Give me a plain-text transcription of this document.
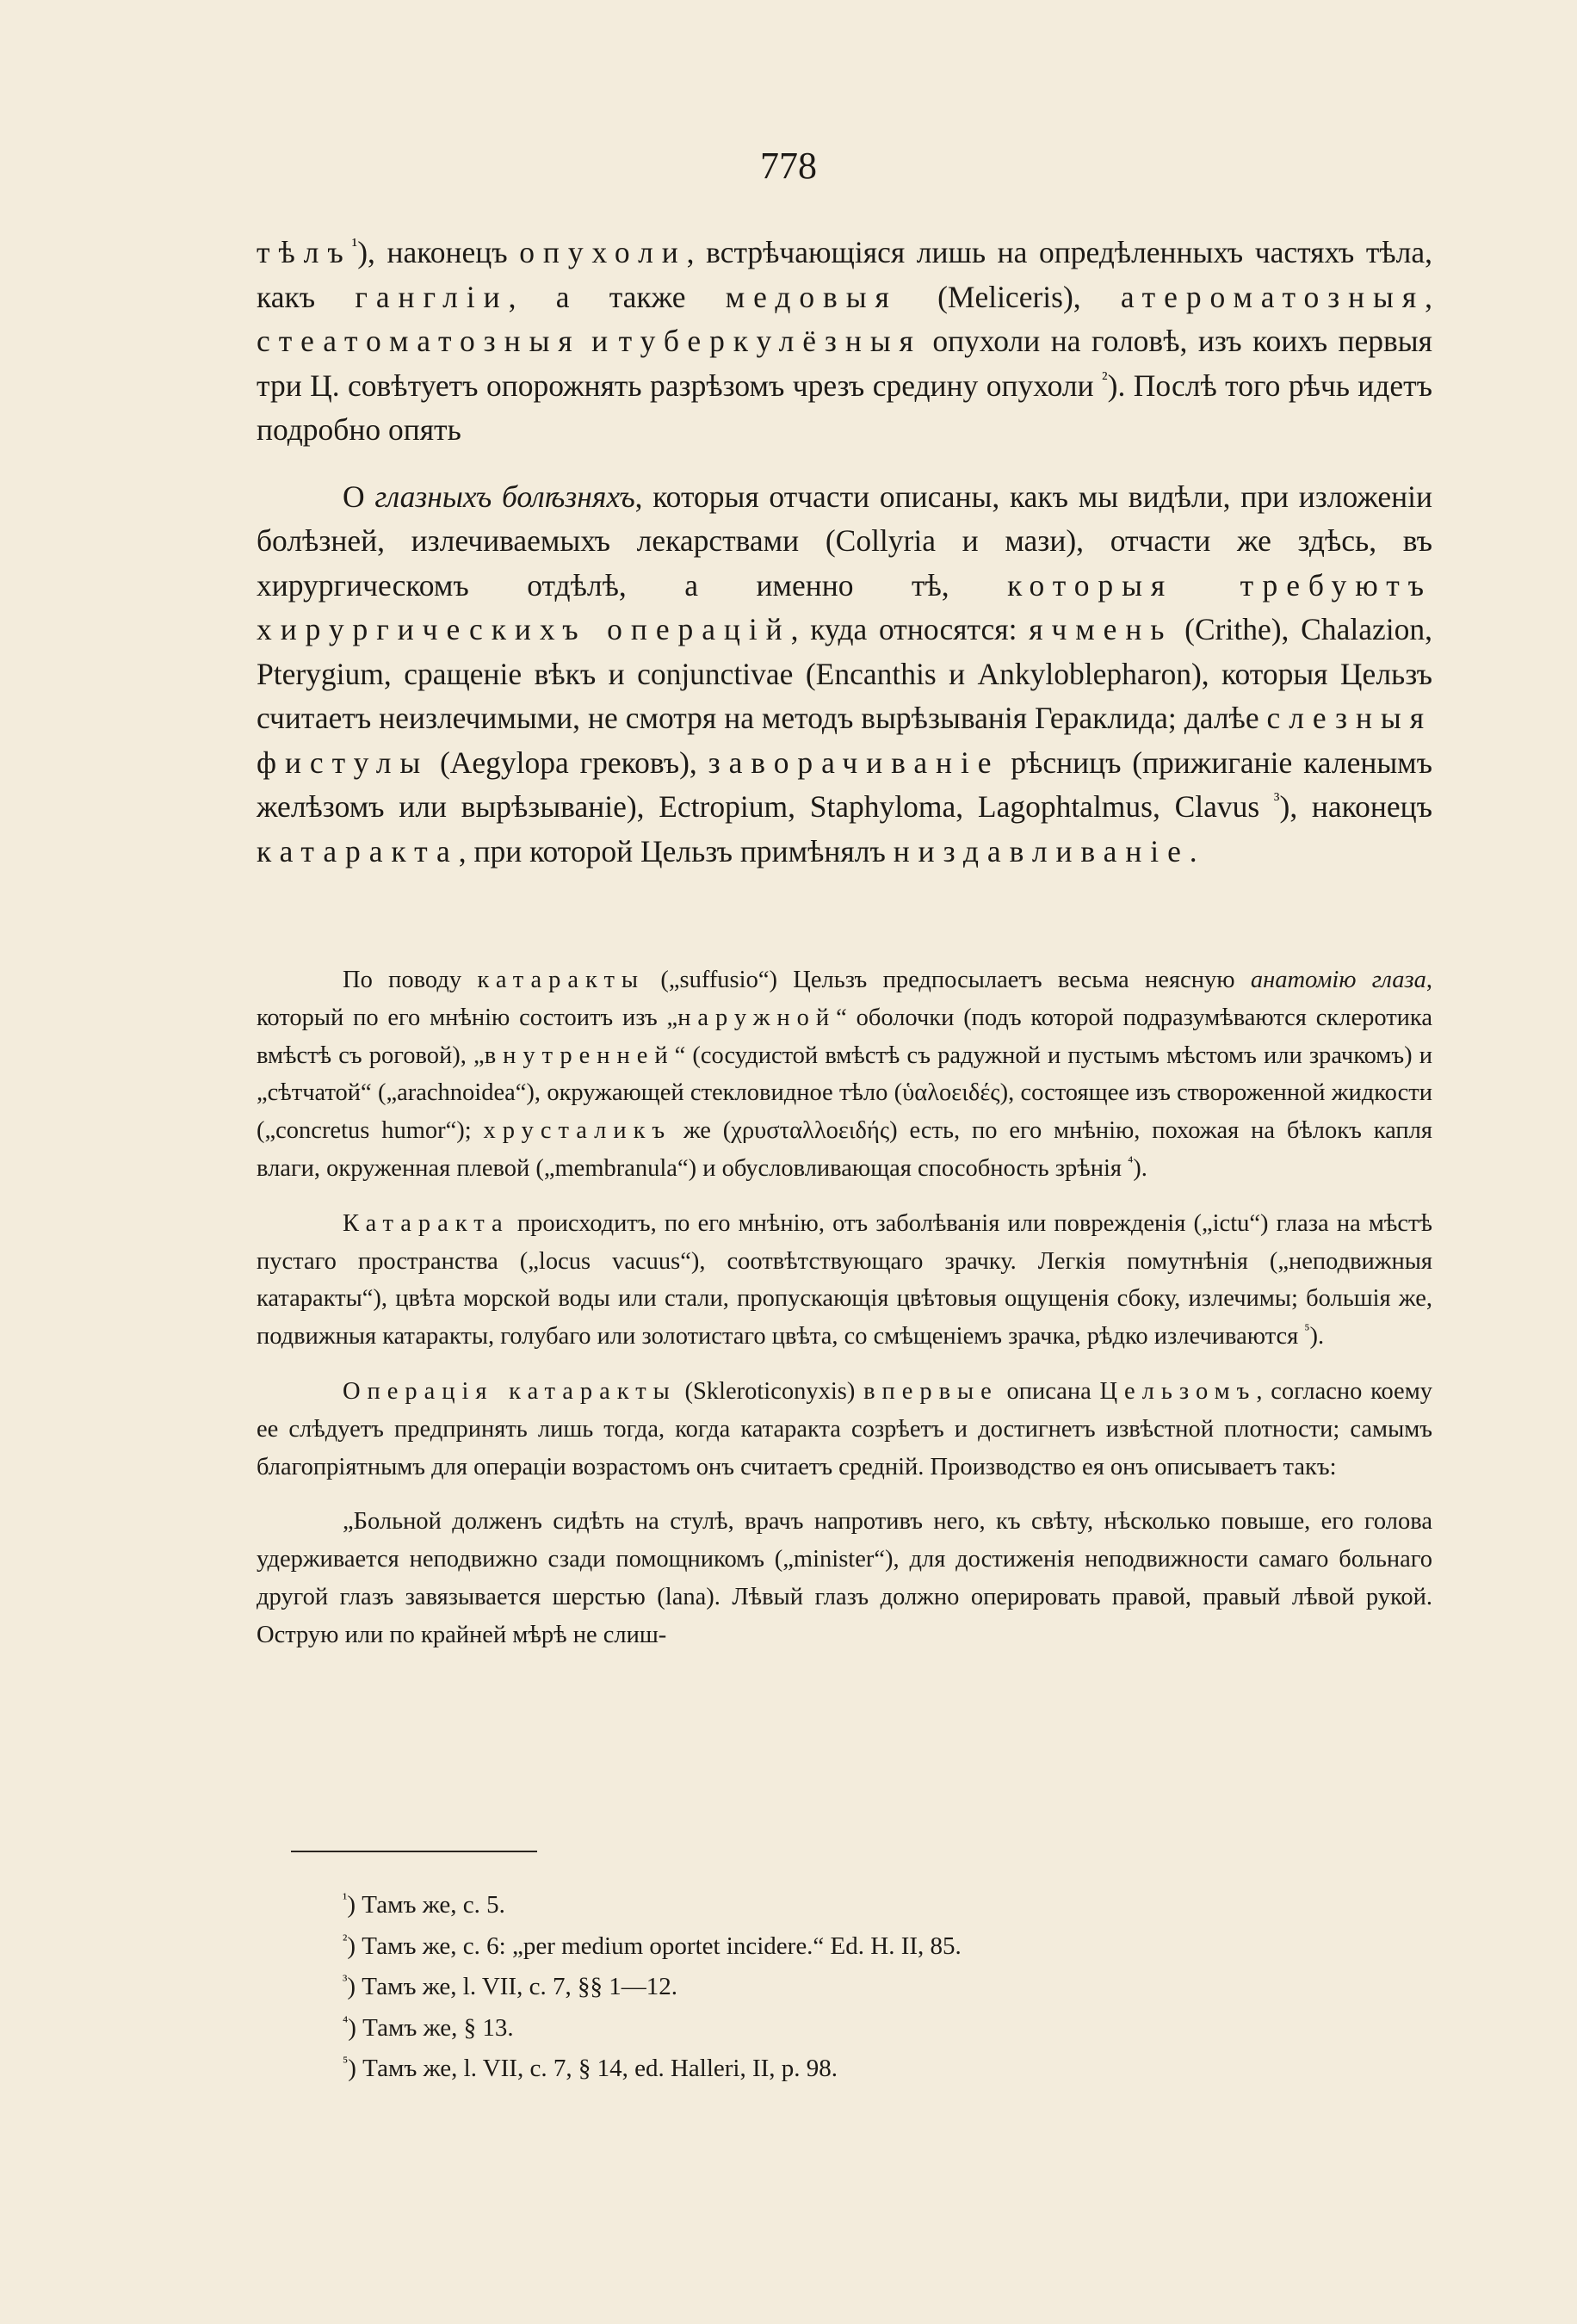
778

тѣлъ$^{^1}$), наконецъ опухоли, встрѣчающіяся лишь на опредѣленныхъ частяхъ тѣла, какъ гангліи, а также медовыя (Meliceris), атероматозныя, стеатоматозныя и туберкулёзныя опухоли на головѣ, изъ коихъ первыя три Ц. совѣтуетъ опорожнять разрѣзомъ чрезъ средину опухоли $^{^2}$). Послѣ того рѣчь идетъ подробно опять

О глазныхъ болѣзняхъ, которыя отчасти описаны, какъ мы видѣли, при изложеніи болѣзней, излечиваемыхъ лекарствами (Collyria и мази), отчасти же здѣсь, въ хирургическомъ отдѣлѣ, а именно тѣ, которыя требуютъ хирургическихъ операцій, куда относятся: ячмень (Crithe), Chalazion, Pterygium, сращеніе вѣкъ и conjunctivae (Encanthis и Ankyloblepharon), которыя Цельзъ считаетъ неизлечимыми, не смотря на методъ вырѣзыванія Гераклида; далѣе слезныя фистулы (Aegylopa грековъ), заворачиваніе рѣсницъ (прижиганіе каленымъ желѣзомъ или вырѣзываніе), Ectropium, Staphyloma, Lagophtalmus, Clavus $^{^3}$), наконецъ катаракта, при которой Цельзъ примѣнялъ низдавливаніе.

По поводу катаракты („suffusio“) Цельзъ предпосылаетъ весьма неясную анатомію глаза, который по его мнѣнію состоитъ изъ „наружной“ оболочки (подъ которой подразумѣваются склеротика вмѣстѣ съ роговой), „внутренней“ (сосудистой вмѣстѣ съ радужной и пустымъ мѣстомъ или зрачкомъ) и „сѣтчатой“ („arachnoidea“), окружающей стекловидное тѣло (ὑαλοειδές), состоящее изъ створоженной жидкости („concretus humor“); хрусталикъ же (χρυσταλλοειδής) есть, по его мнѣнію, похожая на бѣлокъ капля влаги, окруженная плевой („membranula“) и обусловливающая способность зрѣнія $^{^4}$).

Катаракта происходитъ, по его мнѣнію, отъ заболѣванія или поврежденія („ictu“) глаза на мѣстѣ пустаго пространства („locus vacuus“), соотвѣтствующаго зрачку. Легкія помутнѣнія („неподвижныя катаракты“), цвѣта морской воды или стали, пропускающія цвѣтовыя ощущенія сбоку, излечимы; большія же, подвижныя катаракты, голубаго или золотистаго цвѣта, со смѣщеніемъ зрачка, рѣдко излечиваются $^{^5}$).

Операція катаракты (Skleroticonyxis) впервые описана Цельзомъ, согласно коему ее слѣдуетъ предпринять лишь тогда, когда катаракта созрѣетъ и достигнетъ извѣстной плотности; самымъ благопріятнымъ для операціи возрастомъ онъ считаетъ средній. Производство ея онъ описываетъ такъ:

„Больной долженъ сидѣть на стулѣ, врачъ напротивъ него, къ свѣту, нѣсколько повыше, его голова удерживается неподвижно сзади помощникомъ („minister“), для достиженія неподвижности самаго больнаго другой глазъ завязывается шерстью (lana). Лѣвый глазъ должно оперировать правой, правый лѣвой рукой. Острую или по крайней мѣрѣ не слиш-

$^{^1}$) Тамъ же, с. 5.
$^{^2}$) Тамъ же, с. 6: „per medium oportet incidere.“ Ed. H. II, 85.
$^{^3}$) Тамъ же, l. VII, с. 7, §§ 1—12.
$^{^4}$) Тамъ же, § 13.
$^{^5}$) Тамъ же, l. VII, с. 7, § 14, ed. Halleri, II, p. 98.
